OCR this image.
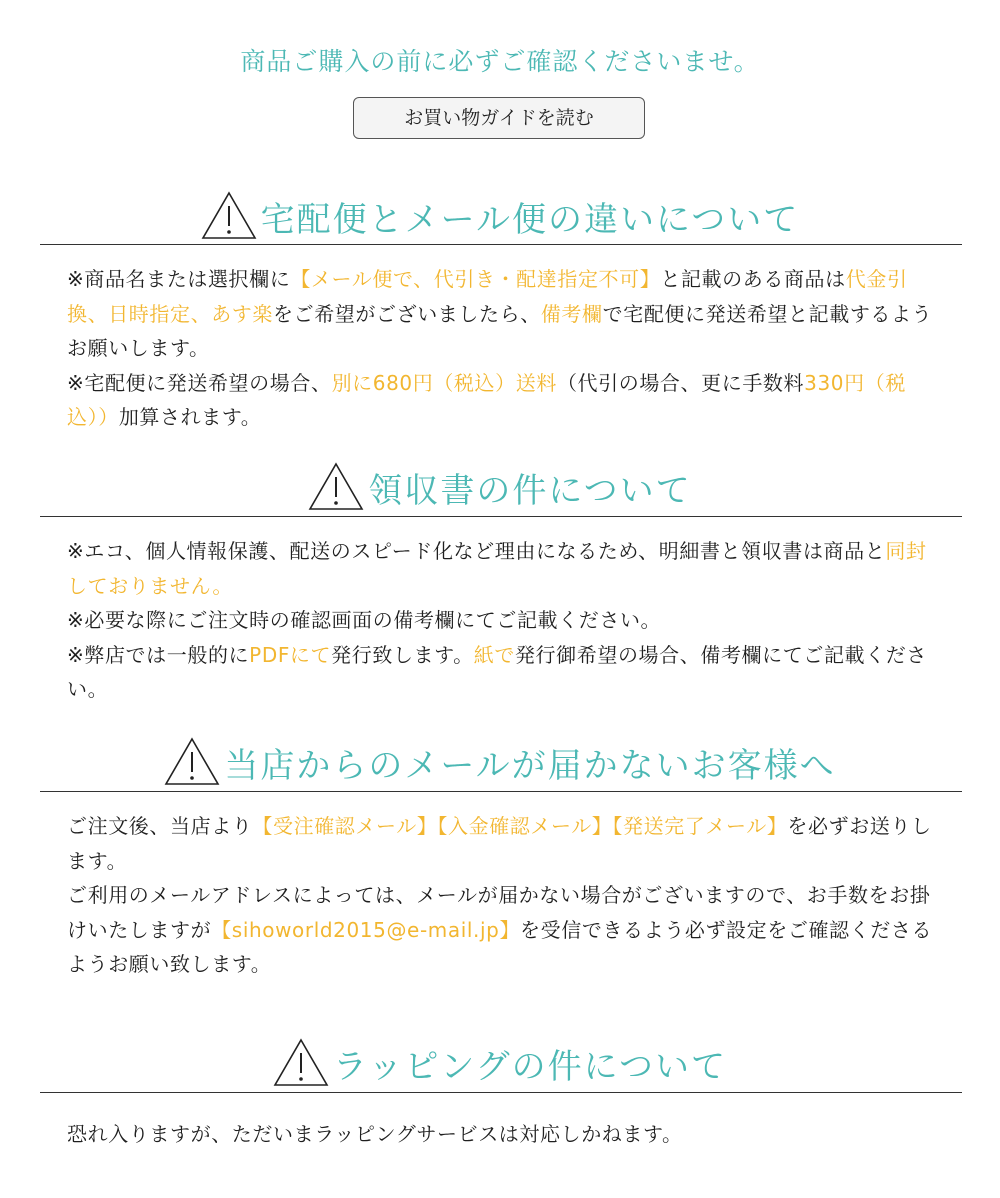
商品ご購入の前に必ずご確認くださいませ。
お買い物ガイドを読む
宅配便とメール便の違いについて

※商品名または選択欄に【メール便で、代引き・配達指定不可】と記載のある商品は代金引換、日時指定、あす楽をご希望がございましたら、備考欄で宅配便に発送希望と記載するようお願いします。

※宅配便に発送希望の場合、別に680円（税込）送料（代引の場合、更に手数料330円（税込））加算されます。

領収書の件について

※エコ、個人情報保護、配送のスピード化など理由になるため、明細書と領収書は商品と同封しておりません。

※必要な際にご注文時の確認画面の備考欄にてご記載ください。

※弊店では一般的にPDFにて発行致します。紙で発行御希望の場合、備考欄にてご記載ください。

当店からのメールが届かないお客様へ

ご注文後、当店より【受注確認メール】【入金確認メール】【発送完了メール】を必ずお送りします。

ご利用のメールアドレスによっては、メールが届かない場合がございますので、お手数をお掛けいたしますが【sihoworld2015@e-mail.jp】を受信できるよう必ず設定をご確認くださるようお願い致します。

ラッピングの件について

恐れ入りますが、ただいまラッピングサービスは対応しかねます。
